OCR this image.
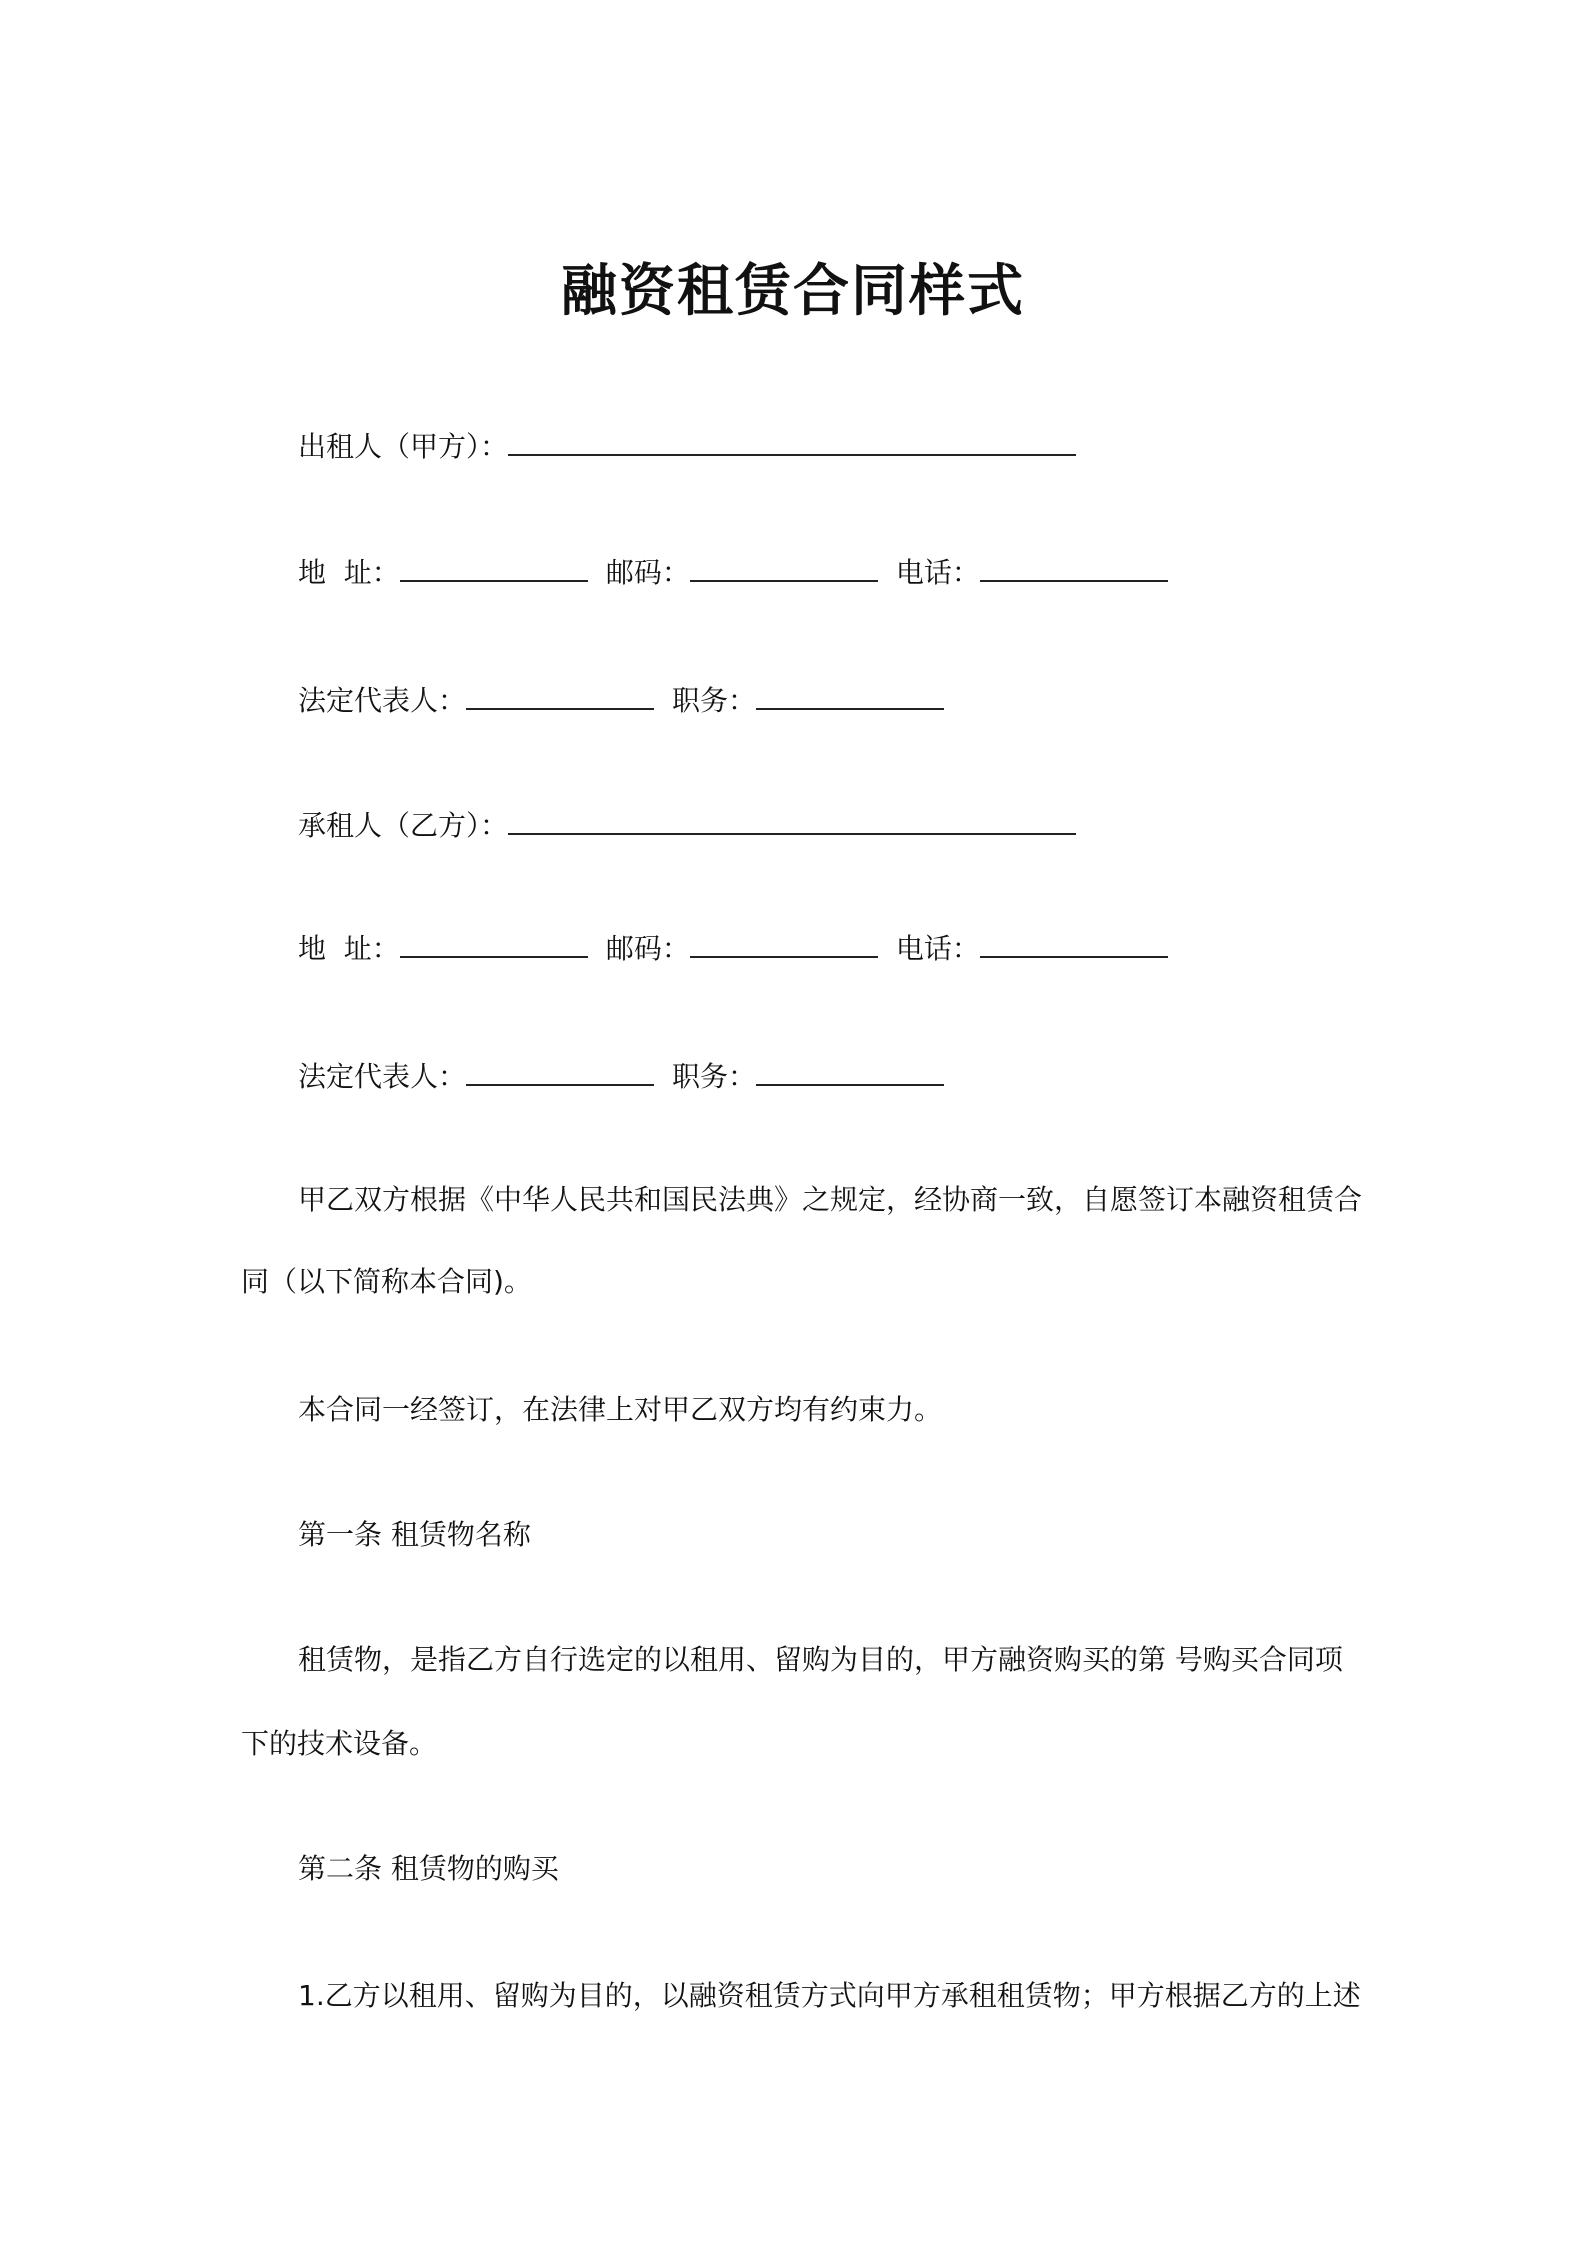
融资租赁合同样式
出租人（甲方）：
地  址：	邮码：	电话：
法定代表人：	职务：
承租人（乙方）：
地  址：	邮码：	电话：
法定代表人：	职务：
甲乙双方根据《中华人民共和国民法典》之规定，经协商一致，自愿签订本融资租赁合
同（以下简称本合同)。
本合同一经签订，在法律上对甲乙双方均有约束力。
第一条 租赁物名称
租赁物，是指乙方自行选定的以租用、留购为目的，甲方融资购买的第 号购买合同项
下的技术设备。
第二条 租赁物的购买
1.乙方以租用、留购为目的，以融资租赁方式向甲方承租租赁物；甲方根据乙方的上述
